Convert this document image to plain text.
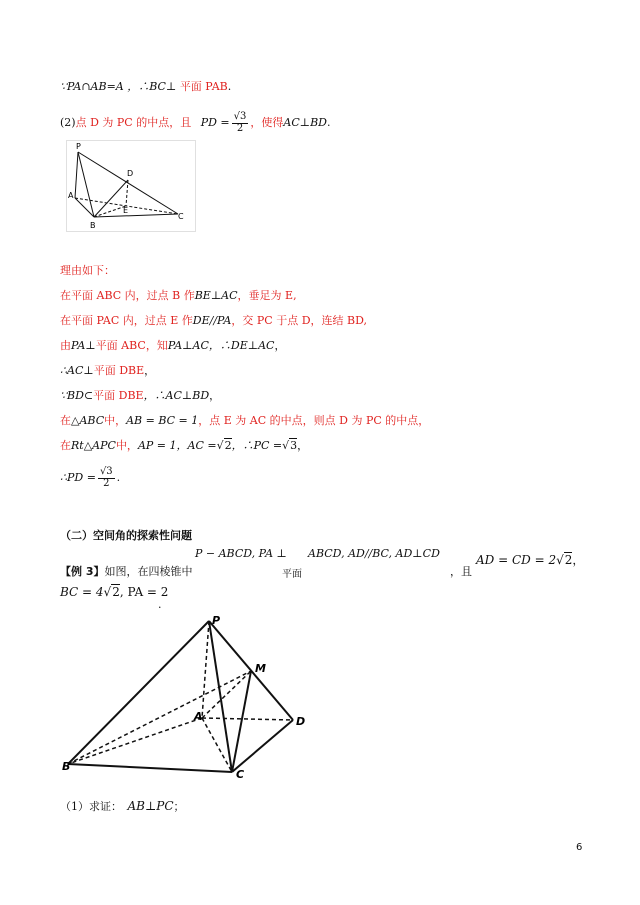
∵PA∩AB=A ，∴BC⊥ 平面 PAB.
(2)点 D 为 PC 的中点，且 PD = $\frac{√3}{2}$ ，使得AC⊥BD.
P
D
A
E
C
B
理由如下：
在平面 ABC 内，过点 B 作BE⊥AC，垂足为 E,
在平面 PAC 内，过点 E 作DE//PA，交 PC 于点 D，连结 BD,
由PA⊥平面 ABC，知PA⊥AC，∴DE⊥AC，
∴AC⊥平面 DBE，
∵BD⊂平面 DBE，∴AC⊥BD，
在△ABC中，AB = BC = 1，点 E 为 AC 的中点，则点 D 为 PC 的中点，
在Rt△APC中，AP = 1，AC =√2，∴PC =√3，
∴PD = $\frac{√3}{2}$ .
（二）空间角的探索性问题
P − ABCD, PA ⊥ ABCD, AD//BC, AD⊥CD
【例 3】如图，在四棱锥中	平面	，且
AD = CD = 2√2，
BC = 4√2, PA = 2
.
P
M
A	D
B
C
（1）求证： AB⊥PC；
6
